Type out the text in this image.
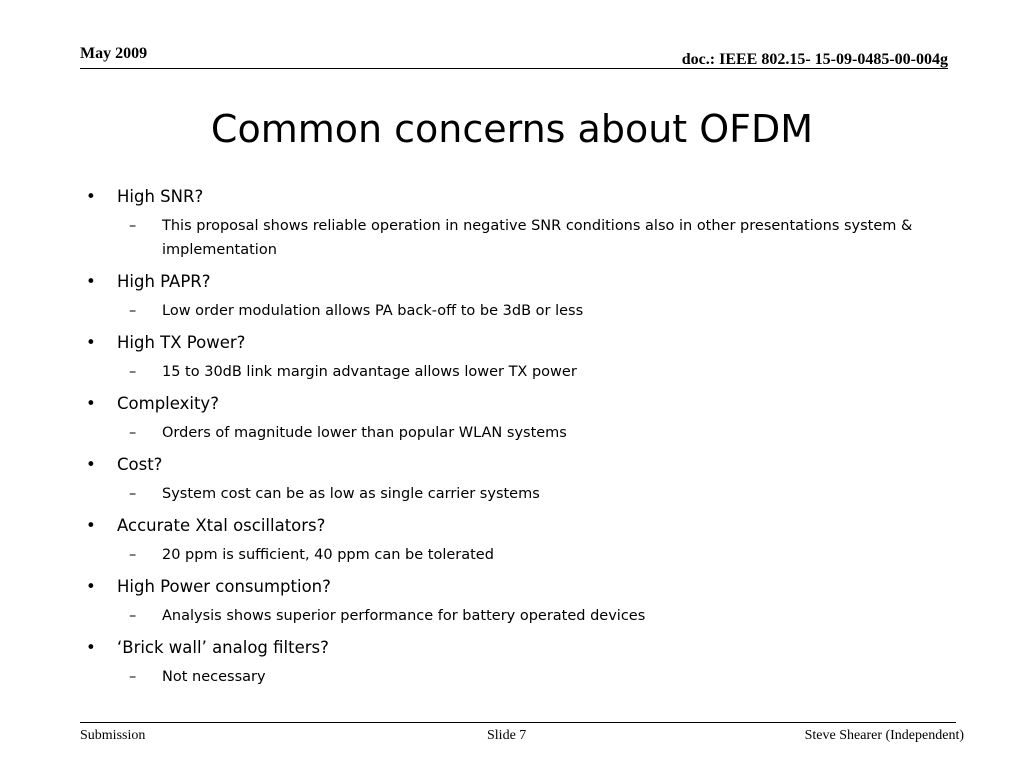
May 2009	doc.: IEEE 802.15- 15-09-0485-00-004g
Common concerns about OFDM
• High SNR?
– This proposal shows reliable operation in negative SNR conditions also in other presentations system & implementation
• High PAPR?
– Low order modulation allows PA back-off to be 3dB or less
• High TX Power?
– 15 to 30dB link margin advantage allows lower TX power
• Complexity?
– Orders of magnitude lower than popular WLAN systems
• Cost?
– System cost can be as low as single carrier systems
• Accurate Xtal oscillators?
– 20 ppm is sufficient, 40 ppm can be tolerated
• High Power consumption?
– Analysis shows superior performance for battery operated devices
• ‘Brick wall’ analog filters?
– Not necessary
Submission	Slide 7	Steve Shearer (Independent)
